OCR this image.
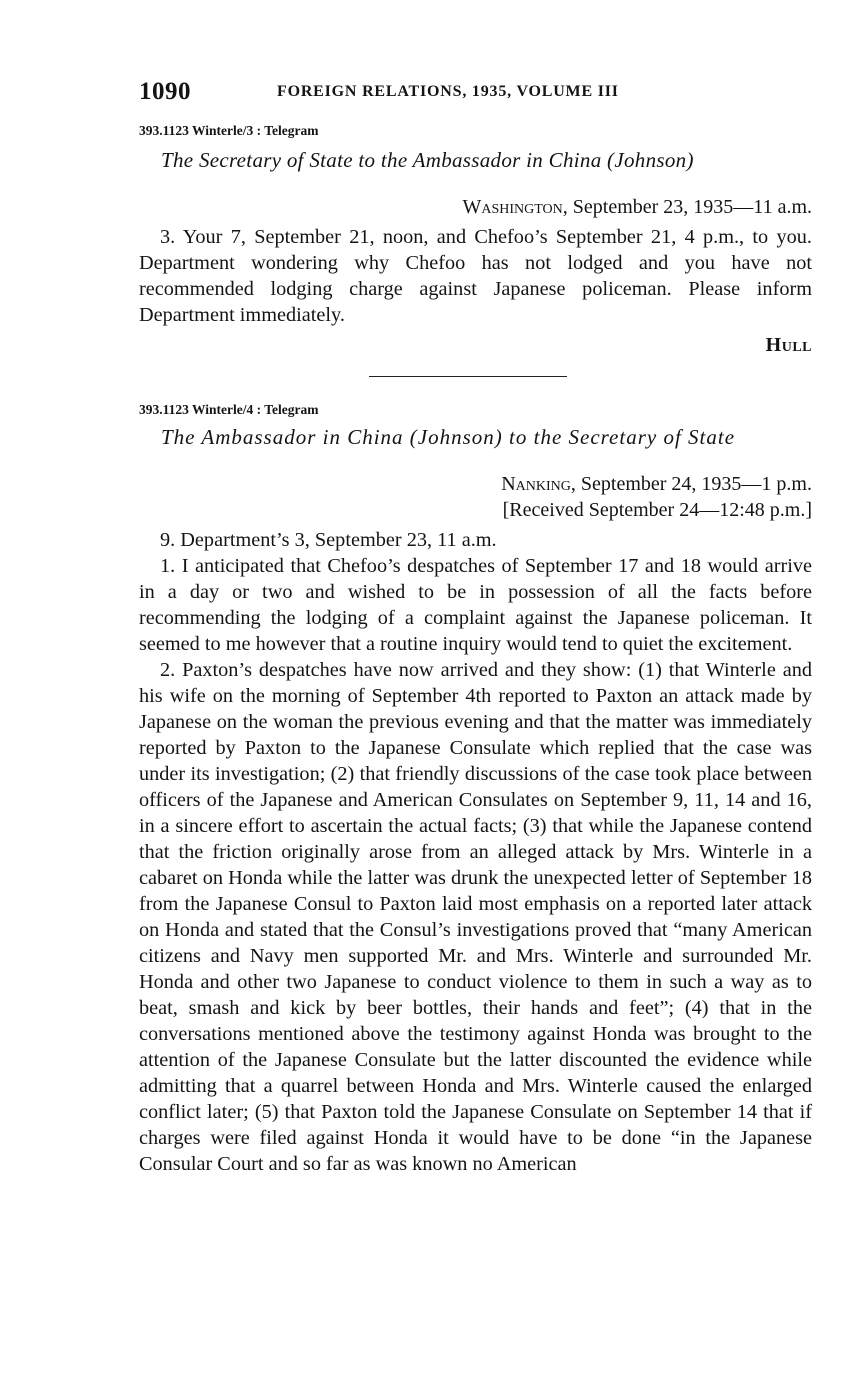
1090	FOREIGN RELATIONS, 1935, VOLUME III
393.1123 Winterle/3 : Telegram
The Secretary of State to the Ambassador in China (Johnson)
Washington, September 23, 1935—11 a.m.

3. Your 7, September 21, noon, and Chefoo’s September 21, 4 p.m., to you. Department wondering why Chefoo has not lodged and you have not recommended lodging charge against Japanese policeman. Please inform Department immediately.

Hull
393.1123 Winterle/4 : Telegram
The Ambassador in China (Johnson) to the Secretary of State
Nanking, September 24, 1935—1 p.m.
[Received September 24—12:48 p.m.]

9. Department’s 3, September 23, 11 a.m.

1. I anticipated that Chefoo’s despatches of September 17 and 18 would arrive in a day or two and wished to be in possession of all the facts before recommending the lodging of a complaint against the Japanese policeman. It seemed to me however that a routine inquiry would tend to quiet the excitement.

2. Paxton’s despatches have now arrived and they show: (1) that Winterle and his wife on the morning of September 4th reported to Paxton an attack made by Japanese on the woman the previous evening and that the matter was immediately reported by Paxton to the Japanese Consulate which replied that the case was under its investigation; (2) that friendly discussions of the case took place between officers of the Japanese and American Consulates on September 9, 11, 14 and 16, in a sincere effort to ascertain the actual facts; (3) that while the Japanese contend that the friction originally arose from an alleged attack by Mrs. Winterle in a cabaret on Honda while the latter was drunk the unexpected letter of September 18 from the Japanese Consul to Paxton laid most emphasis on a reported later attack on Honda and stated that the Consul’s investigations proved that “many American citizens and Navy men supported Mr. and Mrs. Winterle and surrounded Mr. Honda and other two Japanese to conduct violence to them in such a way as to beat, smash and kick by beer bottles, their hands and feet”; (4) that in the conversations mentioned above the testimony against Honda was brought to the attention of the Japanese Consulate but the latter discounted the evidence while admitting that a quarrel between Honda and Mrs. Winterle caused the enlarged conflict later; (5) that Paxton told the Japanese Consulate on September 14 that if charges were filed against Honda it would have to be done “in the Japanese Consular Court and so far as was known no American
